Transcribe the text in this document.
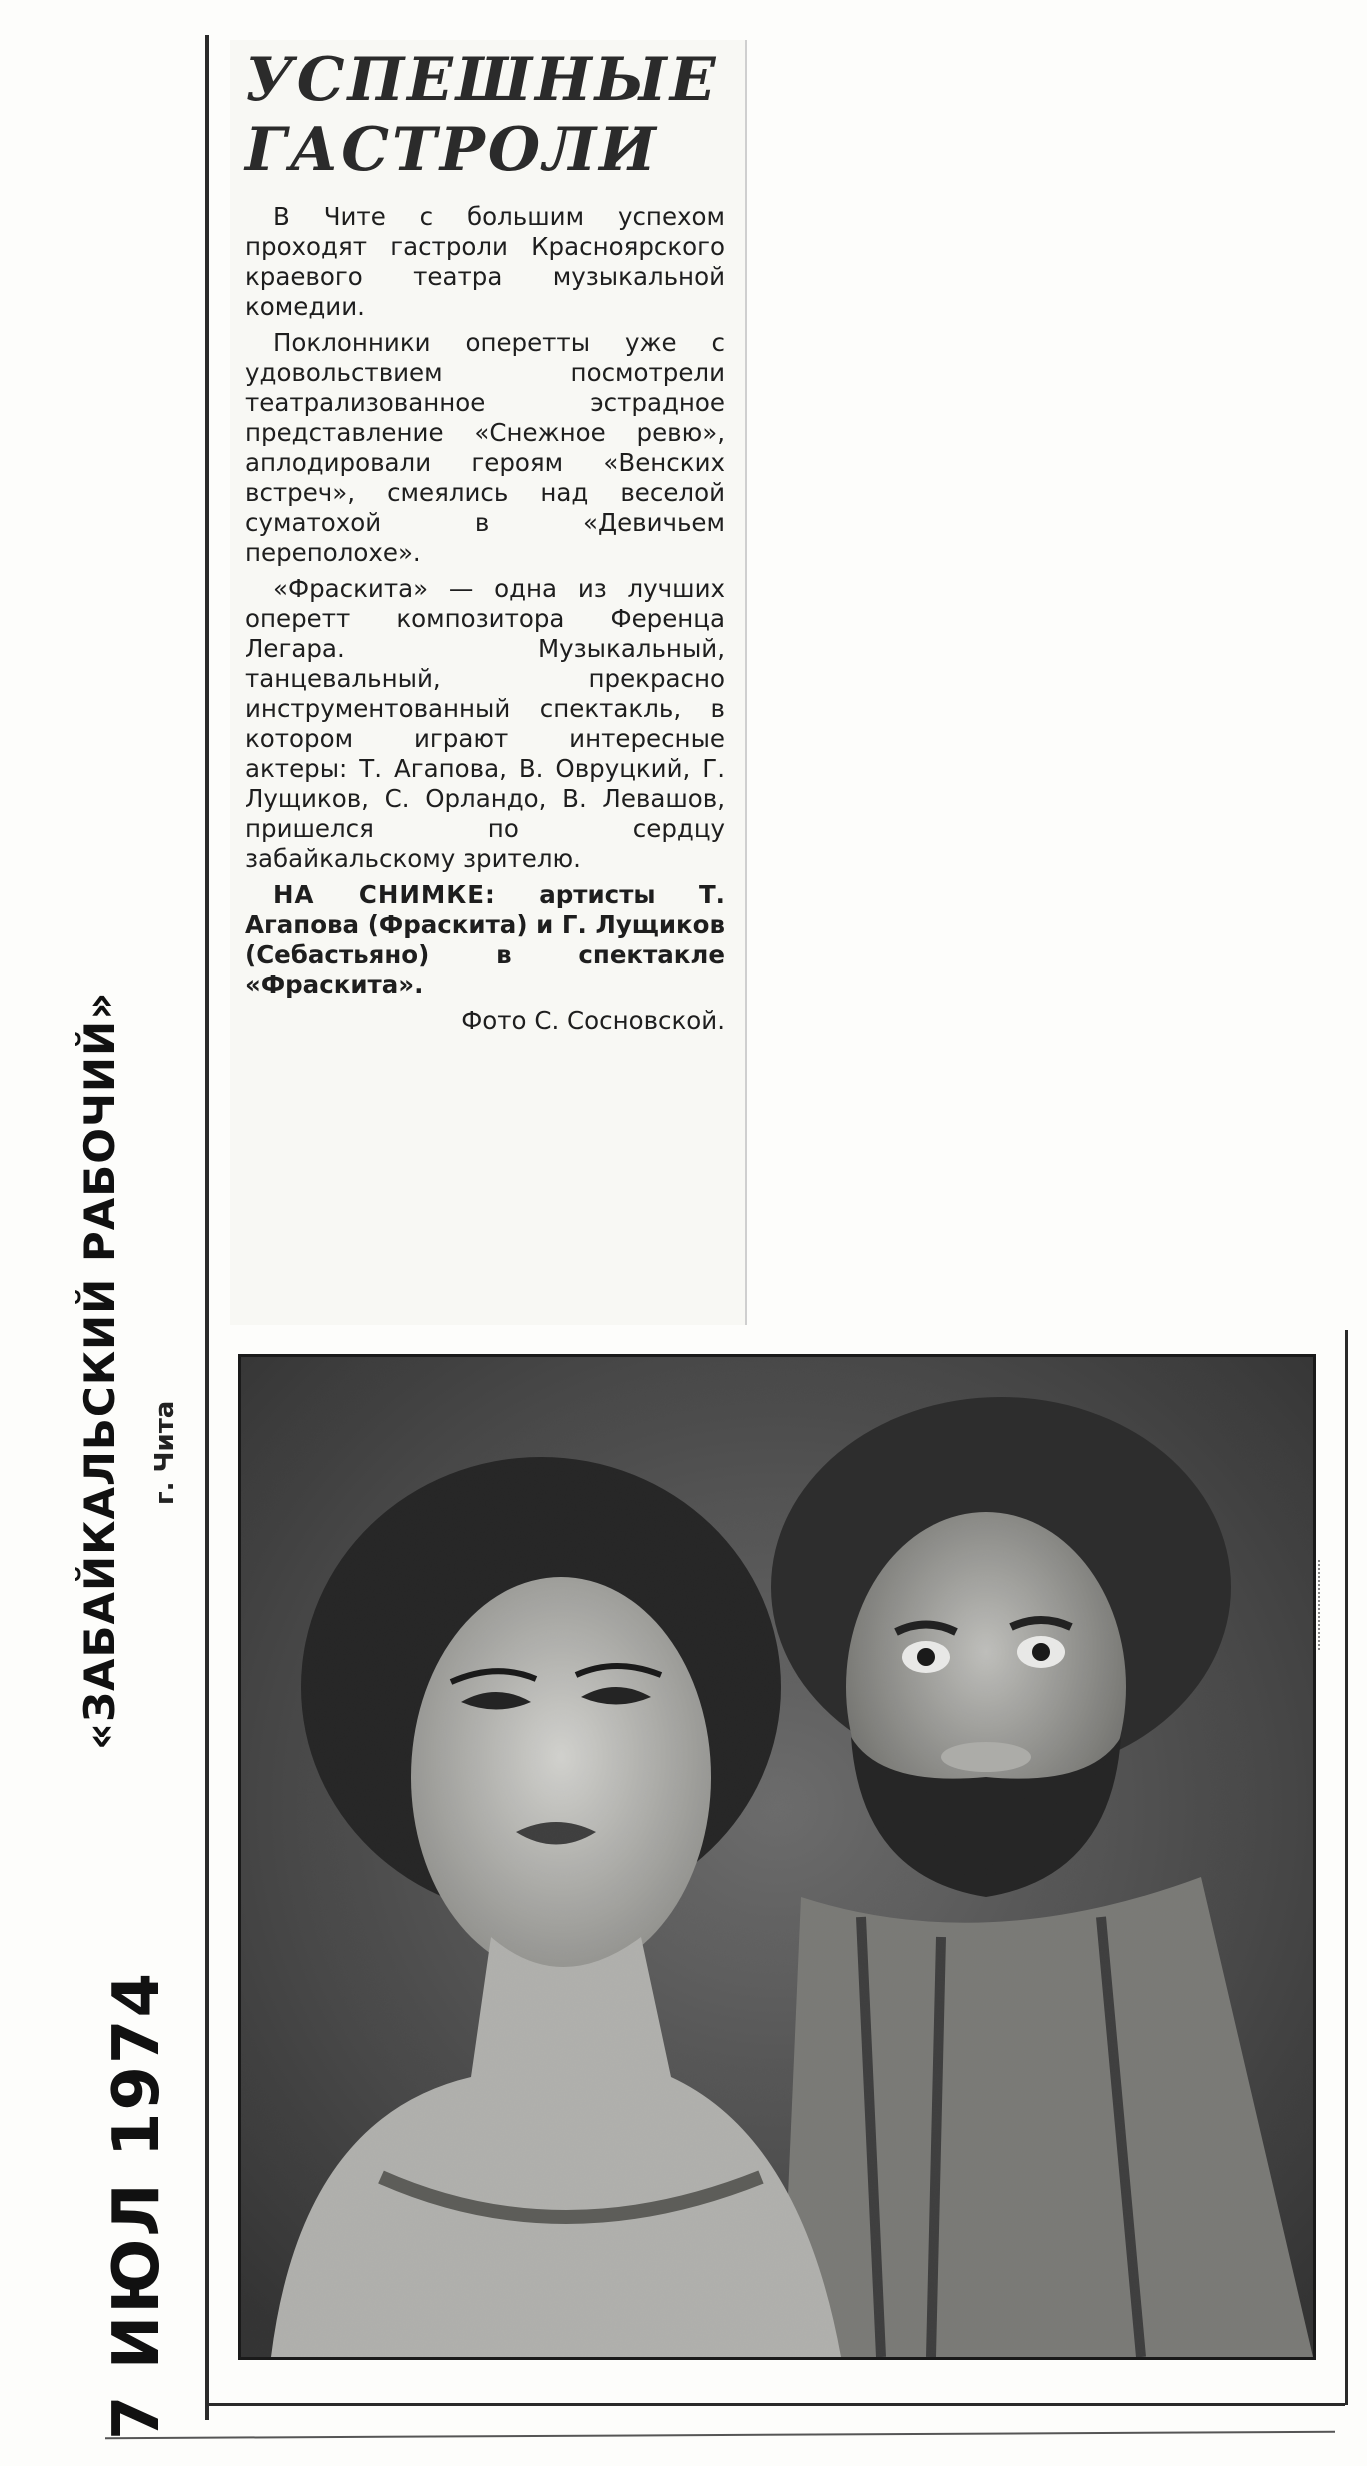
«ЗАБАЙКАЛЬСКИЙ РАБОЧИЙ» г. Чита
7 ИЮЛ 1974
УСПЕШНЫЕ
ГАСТРОЛИ

В Чите с большим успехом проходят гастроли Красноярского краевого театра музыкальной комедии.

Поклонники оперетты уже с удовольствием посмотрели театрализованное эстрадное представление «Снежное ревю», аплодировали героям «Венских встреч», смеялись над веселой суматохой в «Девичьем переполохе».

«Фраскита» — одна из лучших оперетт композитора Ференца Легара. Музыкальный, танцевальный, прекрасно инструментованный спектакль, в котором играют интересные актеры: Т. Агапова, В. Овруцкий, Г. Лущиков, С. Орландо, В. Левашов, пришелся по сердцу забайкальскому зрителю.

НА СНИМКЕ: артисты Т. Агапова (Фраскита) и Г. Лущиков (Себастьяно) в спектакле «Фраскита».

Фото С. Сосновской.
